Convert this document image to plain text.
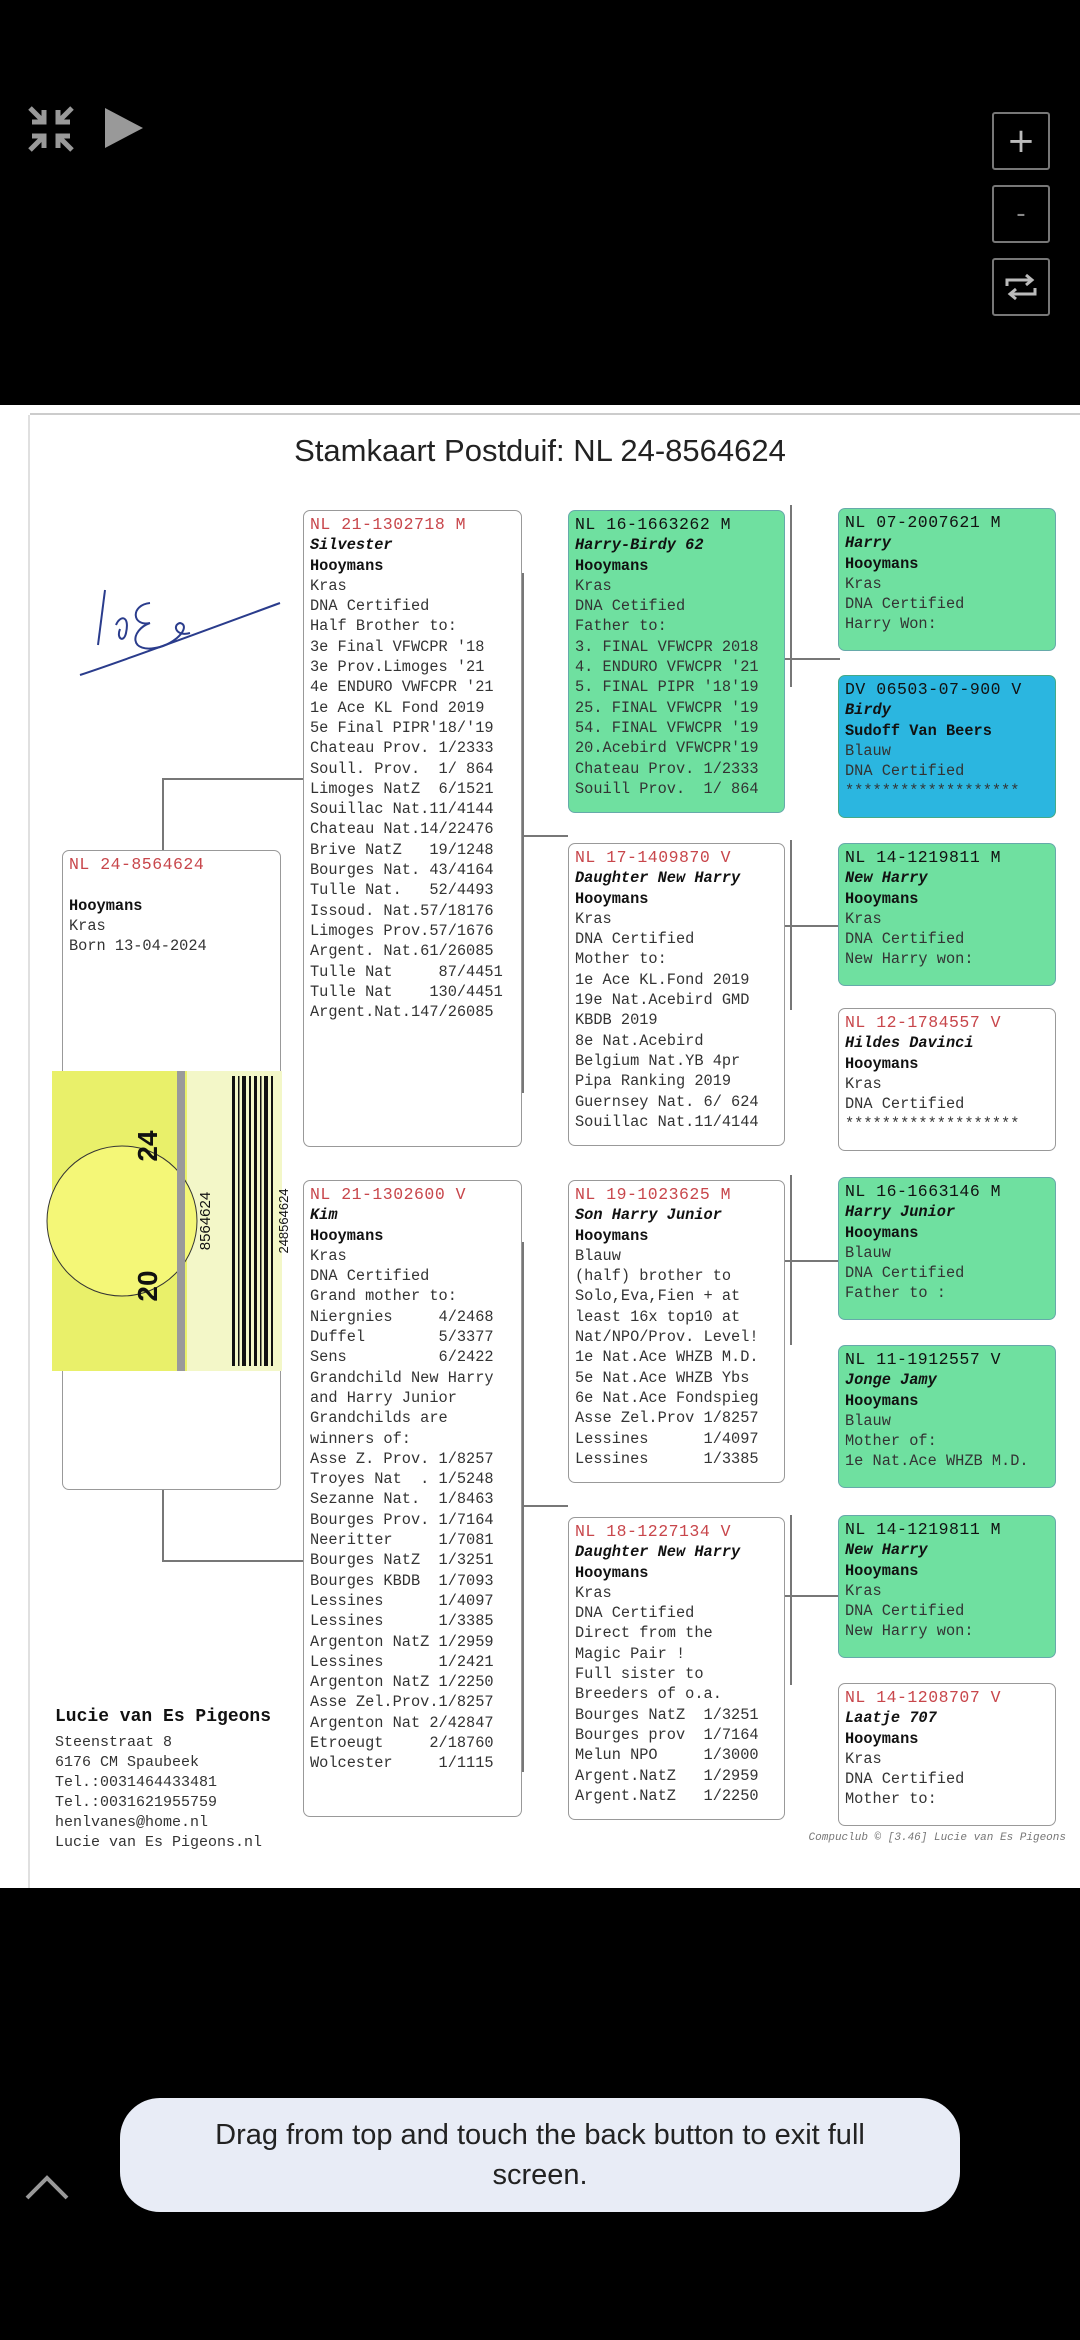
+
-
Stamkaart Postduif: NL 24-8564624
NL 24-8564624

Hooymans
Kras
Born 13-04-2024
24
20
8564624	248564624
NL 21-1302718 M
Silvester
Hooymans
Kras
DNA Certified
Half Brother to:
3e Final VFWCPR '18
3e Prov.Limoges '21
4e ENDURO VWFCPR '21
1e Ace KL Fond 2019
5e Final PIPR'18/'19
Chateau Prov. 1/2333
Soull. Prov.  1/ 864
Limoges NatZ  6/1521
Souillac Nat.11/4144
Chateau Nat.14/22476
Brive NatZ   19/1248
Bourges Nat. 43/4164
Tulle Nat.   52/4493
Issoud. Nat.57/18176
Limoges Prov.57/1676
Argent. Nat.61/26085
Tulle Nat     87/4451
Tulle Nat    130/4451
Argent.Nat.147/26085
NL 21-1302600 V
Kim
Hooymans
Kras
DNA Certified
Grand mother to:
Niergnies     4/2468
Duffel        5/3377
Sens          6/2422
Grandchild New Harry
and Harry Junior
Grandchilds are
winners of:
Asse Z. Prov. 1/8257
Troyes Nat  . 1/5248
Sezanne Nat.  1/8463
Bourges Prov. 1/7164
Neeritter     1/7081
Bourges NatZ  1/3251
Bourges KBDB  1/7093
Lessines      1/4097
Lessines      1/3385
Argenton NatZ 1/2959
Lessines      1/2421
Argenton NatZ 1/2250
Asse Zel.Prov.1/8257
Argenton Nat 2/42847
Etroeugt     2/18760
Wolcester     1/1115
NL 16-1663262 M
Harry-Birdy 62
Hooymans
Kras
DNA Cetified
Father to:
3. FINAL VFWCPR 2018
4. ENDURO VFWCPR '21
5. FINAL PIPR '18'19
25. FINAL VFWCPR '19
54. FINAL VFWCPR '19
20.Acebird VFWCPR'19
Chateau Prov. 1/2333
Souill Prov.  1/ 864
NL 17-1409870 V
Daughter New Harry
Hooymans
Kras
DNA Certified
Mother to:
1e Ace KL.Fond 2019
19e Nat.Acebird GMD
KBDB 2019
8e Nat.Acebird
Belgium Nat.YB 4pr
Pipa Ranking 2019
Guernsey Nat. 6/ 624
Souillac Nat.11/4144
NL 19-1023625 M
Son Harry Junior
Hooymans
Blauw
(half) brother to
Solo,Eva,Fien + at
least 16x top10 at
Nat/NPO/Prov. Level!
1e Nat.Ace WHZB M.D.
5e Nat.Ace WHZB Ybs
6e Nat.Ace Fondspieg
Asse Zel.Prov 1/8257
Lessines      1/4097
Lessines      1/3385
NL 18-1227134 V
Daughter New Harry
Hooymans
Kras
DNA Certified
Direct from the
Magic Pair !
Full sister to
Breeders of o.a.
Bourges NatZ  1/3251
Bourges prov  1/7164
Melun NPO     1/3000
Argent.NatZ   1/2959
Argent.NatZ   1/2250
NL 07-2007621 M
Harry
Hooymans
Kras
DNA Certified
Harry Won:
DV 06503-07-900 V
Birdy
Sudoff Van Beers
Blauw
DNA Certified
*******************
NL 14-1219811 M
New Harry
Hooymans
Kras
DNA Certified
New Harry won:
NL 12-1784557 V
Hildes Davinci
Hooymans
Kras
DNA Certified
*******************
NL 16-1663146 M
Harry Junior
Hooymans
Blauw
DNA Certified
Father to :
NL 11-1912557 V
Jonge Jamy
Hooymans
Blauw
Mother of:
1e Nat.Ace WHZB M.D.
NL 14-1219811 M
New Harry
Hooymans
Kras
DNA Certified
New Harry won:
NL 14-1208707 V
Laatje 707
Hooymans
Kras
DNA Certified
Mother to:
Lucie van Es Pigeons
Steenstraat 8
6176 CM Spaubeek
Tel.:0031464433481
Tel.:0031621955759
henlvanes@home.nl
Lucie van Es Pigeons.nl	Compuclub © [3.46] Lucie van Es Pigeons
Drag from top and touch the back button to exit full screen.
